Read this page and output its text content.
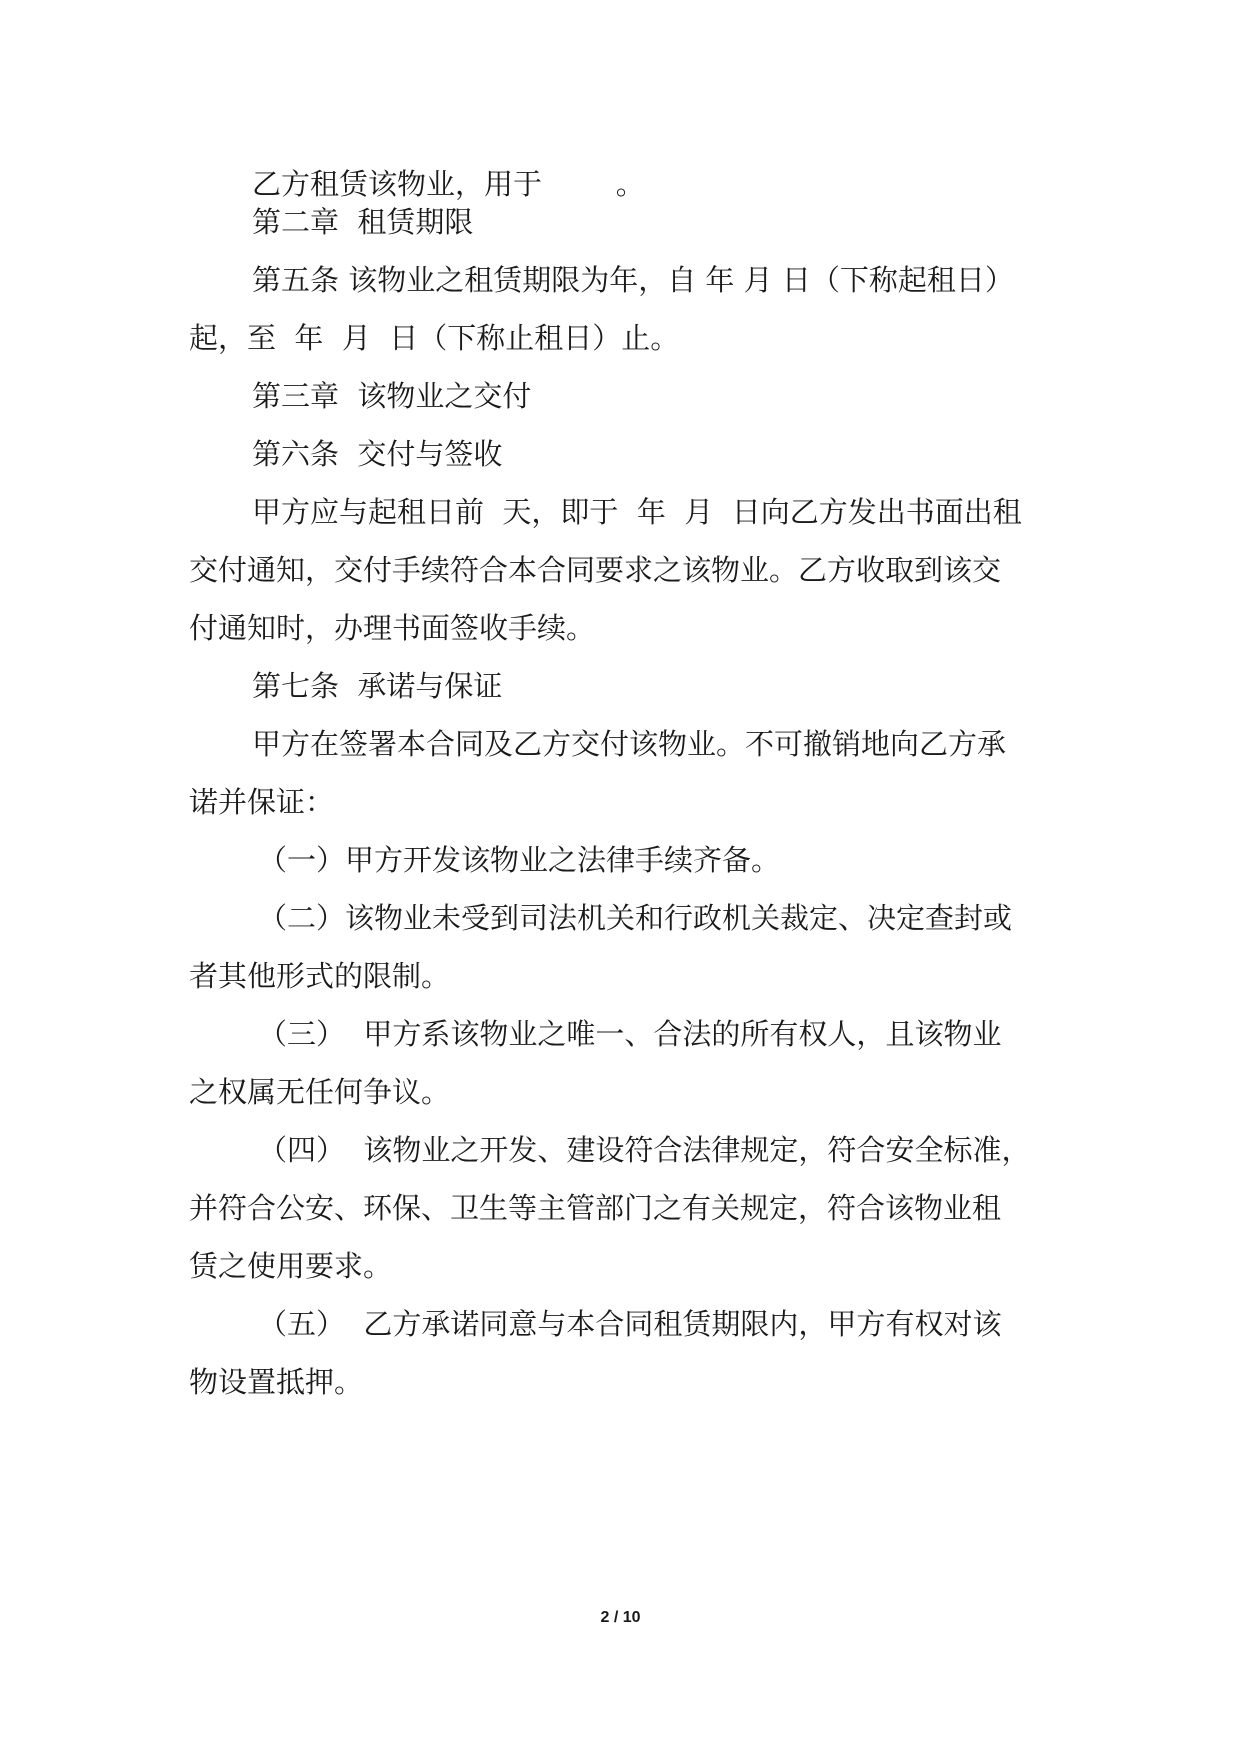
乙方租赁该物业，用于        。
第二章  租赁期限
第五条 该物业之租赁期限为年，自 年 月 日（下称起租日）
起，至  年  月  日（下称止租日）止。
第三章  该物业之交付
第六条  交付与签收
甲方应与起租日前  天，即于  年  月  日向乙方发出书面出租
交付通知，交付手续符合本合同要求之该物业。乙方收取到该交
付通知时，办理书面签收手续。
第七条  承诺与保证
甲方在签署本合同及乙方交付该物业。不可撤销地向乙方承
诺并保证：
（一）甲方开发该物业之法律手续齐备。
（二）该物业未受到司法机关和行政机关裁定、决定查封或
者其他形式的限制。
（三）  甲方系该物业之唯一、合法的所有权人，且该物业
之权属无任何争议。
（四）  该物业之开发、建设符合法律规定，符合安全标准，
并符合公安、环保、卫生等主管部门之有关规定，符合该物业租
赁之使用要求。
（五）  乙方承诺同意与本合同租赁期限内，甲方有权对该
物设置抵押。
2 / 10
